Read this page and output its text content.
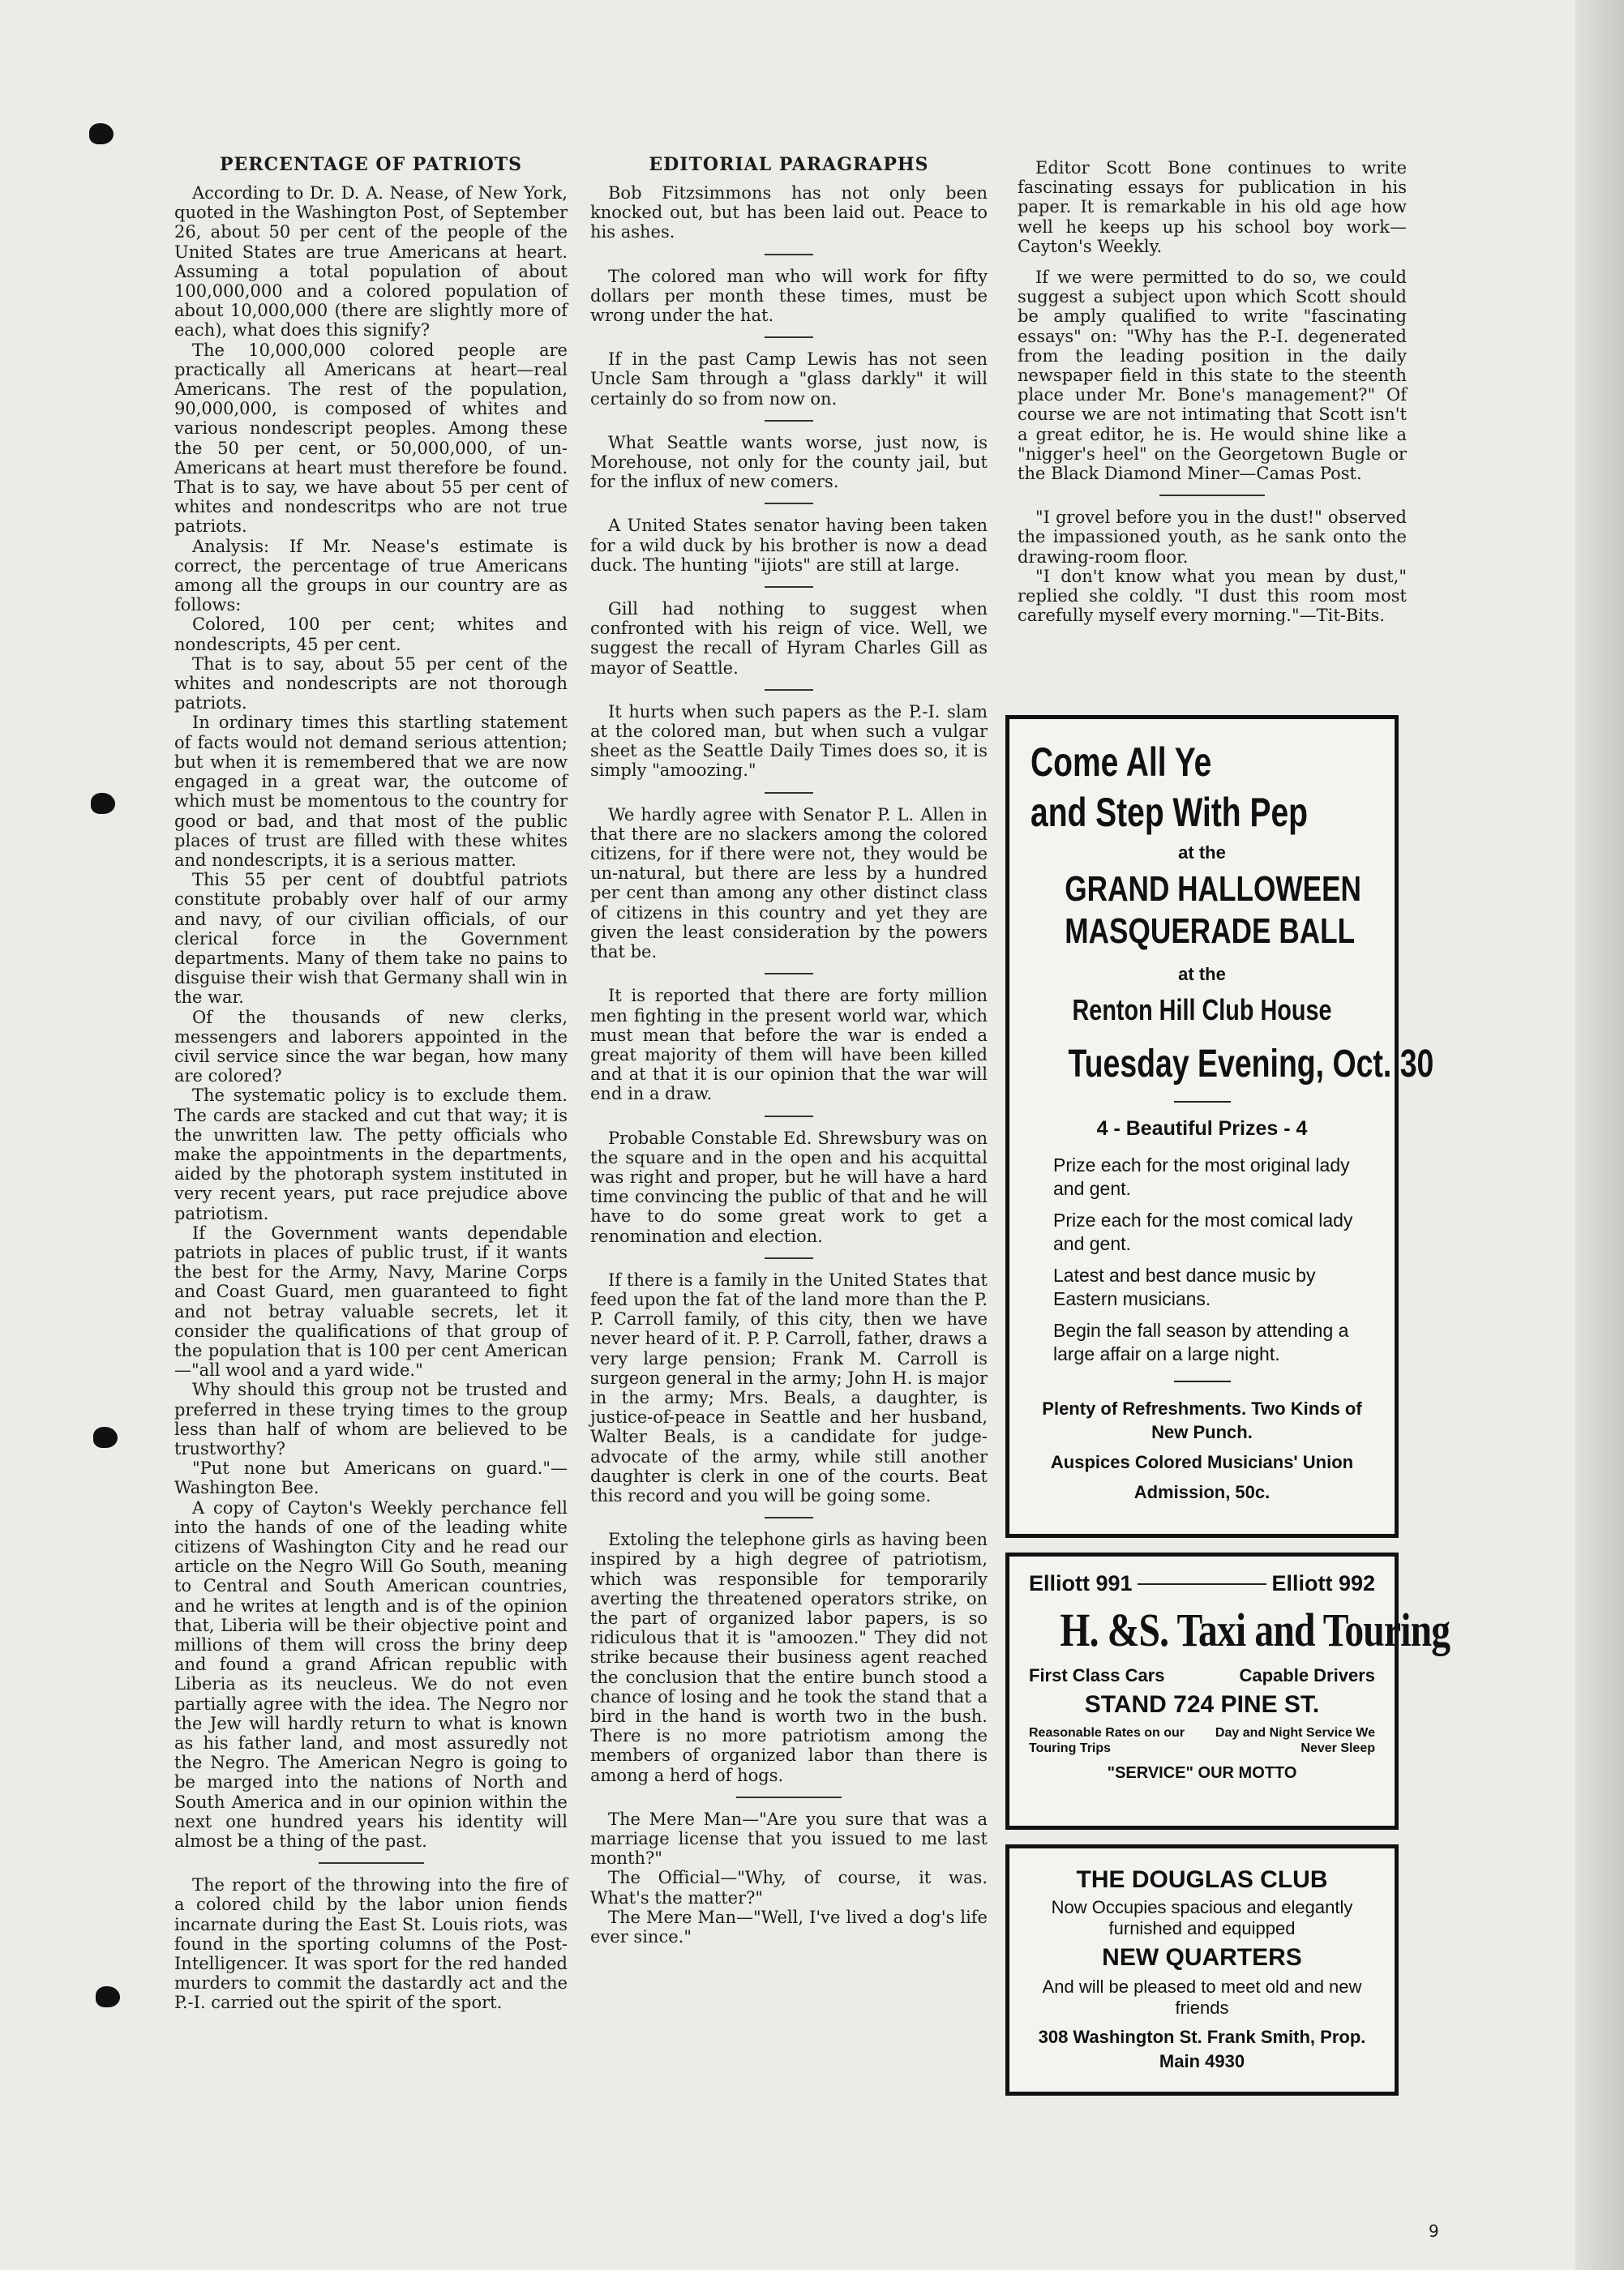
PERCENTAGE OF PATRIOTS

According to Dr. D. A. Nease, of New York, quoted in the Washington Post, of September 26, about 50 per cent of the people of the United States are true Americans at heart. Assuming a total population of about 100,000,000 and a colored population of about 10,000,000 (there are slightly more of each), what does this signify?

The 10,000,000 colored people are practically all Americans at heart—real Americans. The rest of the population, 90,000,000, is composed of whites and various nondescript peoples. Among these the 50 per cent, or 50,000,000, of un-Americans at heart must therefore be found. That is to say, we have about 55 per cent of whites and nondescritps who are not true patriots.

Analysis: If Mr. Nease's estimate is correct, the percentage of true Americans among all the groups in our country are as follows:

Colored, 100 per cent; whites and nondescripts, 45 per cent.

That is to say, about 55 per cent of the whites and nondescripts are not thorough patriots.

In ordinary times this startling statement of facts would not demand serious attention; but when it is remembered that we are now engaged in a great war, the outcome of which must be momentous to the country for good or bad, and that most of the public places of trust are filled with these whites and nondescripts, it is a serious matter.

This 55 per cent of doubtful patriots constitute probably over half of our army and navy, of our civilian officials, of our clerical force in the Government departments. Many of them take no pains to disguise their wish that Germany shall win in the war.

Of the thousands of new clerks, messengers and laborers appointed in the civil service since the war began, how many are colored?

The systematic policy is to exclude them. The cards are stacked and cut that way; it is the unwritten law. The petty officials who make the appointments in the departments, aided by the photoraph system instituted in very recent years, put race prejudice above patriotism.

If the Government wants dependable patriots in places of public trust, if it wants the best for the Army, Navy, Marine Corps and Coast Guard, men guaranteed to fight and not betray valuable secrets, let it consider the qualifications of that group of the population that is 100 per cent American—"all wool and a yard wide."

Why should this group not be trusted and preferred in these trying times to the group less than half of whom are believed to be trustworthy?

"Put none but Americans on guard."—Washington Bee.

A copy of Cayton's Weekly perchance fell into the hands of one of the leading white citizens of Washington City and he read our article on the Negro Will Go South, meaning to Central and South American countries, and he writes at length and is of the opinion that, Liberia will be their objective point and millions of them will cross the briny deep and found a grand African republic with Liberia as its neucleus. We do not even partially agree with the idea. The Negro nor the Jew will hardly return to what is known as his father land, and most assuredly not the Negro. The American Negro is going to be marged into the nations of North and South America and in our opinion within the next one hundred years his identity will almost be a thing of the past.

The report of the throwing into the fire of a colored child by the labor union fiends incarnate during the East St. Louis riots, was found in the sporting columns of the Post-Intelligencer. It was sport for the red handed murders to commit the dastardly act and the P.-I. carried out the spirit of the sport.

EDITORIAL PARAGRAPHS

Bob Fitzsimmons has not only been knocked out, but has been laid out. Peace to his ashes.

The colored man who will work for fifty dollars per month these times, must be wrong under the hat.

If in the past Camp Lewis has not seen Uncle Sam through a "glass darkly" it will certainly do so from now on.

What Seattle wants worse, just now, is Morehouse, not only for the county jail, but for the influx of new comers.

A United States senator having been taken for a wild duck by his brother is now a dead duck. The hunting "ijiots" are still at large.

Gill had nothing to suggest when confronted with his reign of vice. Well, we suggest the recall of Hyram Charles Gill as mayor of Seattle.

It hurts when such papers as the P.-I. slam at the colored man, but when such a vulgar sheet as the Seattle Daily Times does so, it is simply "amoozing."

We hardly agree with Senator P. L. Allen in that there are no slackers among the colored citizens, for if there were not, they would be un-natural, but there are less by a hundred per cent than among any other distinct class of citizens in this country and yet they are given the least consideration by the powers that be.

It is reported that there are forty million men fighting in the present world war, which must mean that before the war is ended a great majority of them will have been killed and at that it is our opinion that the war will end in a draw.

Probable Constable Ed. Shrewsbury was on the square and in the open and his acquittal was right and proper, but he will have a hard time convincing the public of that and he will have to do some great work to get a renomination and election.

If there is a family in the United States that feed upon the fat of the land more than the P. P. Carroll family, of this city, then we have never heard of it. P. P. Carroll, father, draws a very large pension; Frank M. Carroll is surgeon general in the army; John H. is major in the army; Mrs. Beals, a daughter, is justice-of-peace in Seattle and her husband, Walter Beals, is a candidate for judge-advocate of the army, while still another daughter is clerk in one of the courts. Beat this record and you will be going some.

Extoling the telephone girls as having been inspired by a high degree of patriotism, which was responsible for temporarily averting the threatened operators strike, on the part of organized labor papers, is so ridiculous that it is "amoozen." They did not strike because their business agent reached the conclusion that the entire bunch stood a chance of losing and he took the stand that a bird in the hand is worth two in the bush. There is no more patriotism among the members of organized labor than there is among a herd of hogs.

The Mere Man—"Are you sure that was a marriage license that you issued to me last month?"

The Official—"Why, of course, it was. What's the matter?"

The Mere Man—"Well, I've lived a dog's life ever since."

Editor Scott Bone continues to write fascinating essays for publication in his paper. It is remarkable in his old age how well he keeps up his school boy work—Cayton's Weekly.

If we were permitted to do so, we could suggest a subject upon which Scott should be amply qualified to write "fascinating essays" on: "Why has the P.-I. degenerated from the leading position in the daily newspaper field in this state to the steenth place under Mr. Bone's management?" Of course we are not intimating that Scott isn't a great editor, he is. He would shine like a "nigger's heel" on the Georgetown Bugle or the Black Diamond Miner—Camas Post.

"I grovel before you in the dust!" observed the impassioned youth, as he sank onto the drawing-room floor.

"I don't know what you mean by dust," replied she coldly. "I dust this room most carefully myself every morning."—Tit-Bits.

Come All Ye
and Step With Pep
at the
GRAND HALLOWEEN
MASQUERADE BALL
at the
Renton Hill Club House
Tuesday Evening, Oct. 30
4 - Beautiful Prizes - 4
Prize each for the most original lady and gent.
Prize each for the most comical lady and gent.
Latest and best dance music by Eastern musicians.
Begin the fall season by attending a large affair on a large night.
Plenty of Refreshments. Two Kinds of New Punch.
Auspices Colored Musicians' Union
Admission, 50c.
Elliott 991	Elliott 992
H. &S. Taxi and Touring
First Class Cars	Capable Drivers
STAND 724 PINE ST.
Reasonable Rates on our Touring Trips
Day and Night Service We Never Sleep
"SERVICE" OUR MOTTO
THE DOUGLAS CLUB
Now Occupies spacious and elegantly furnished and equipped
NEW QUARTERS
And will be pleased to meet old and new friends
308 Washington St. Frank Smith, Prop.
Main 4930
9
